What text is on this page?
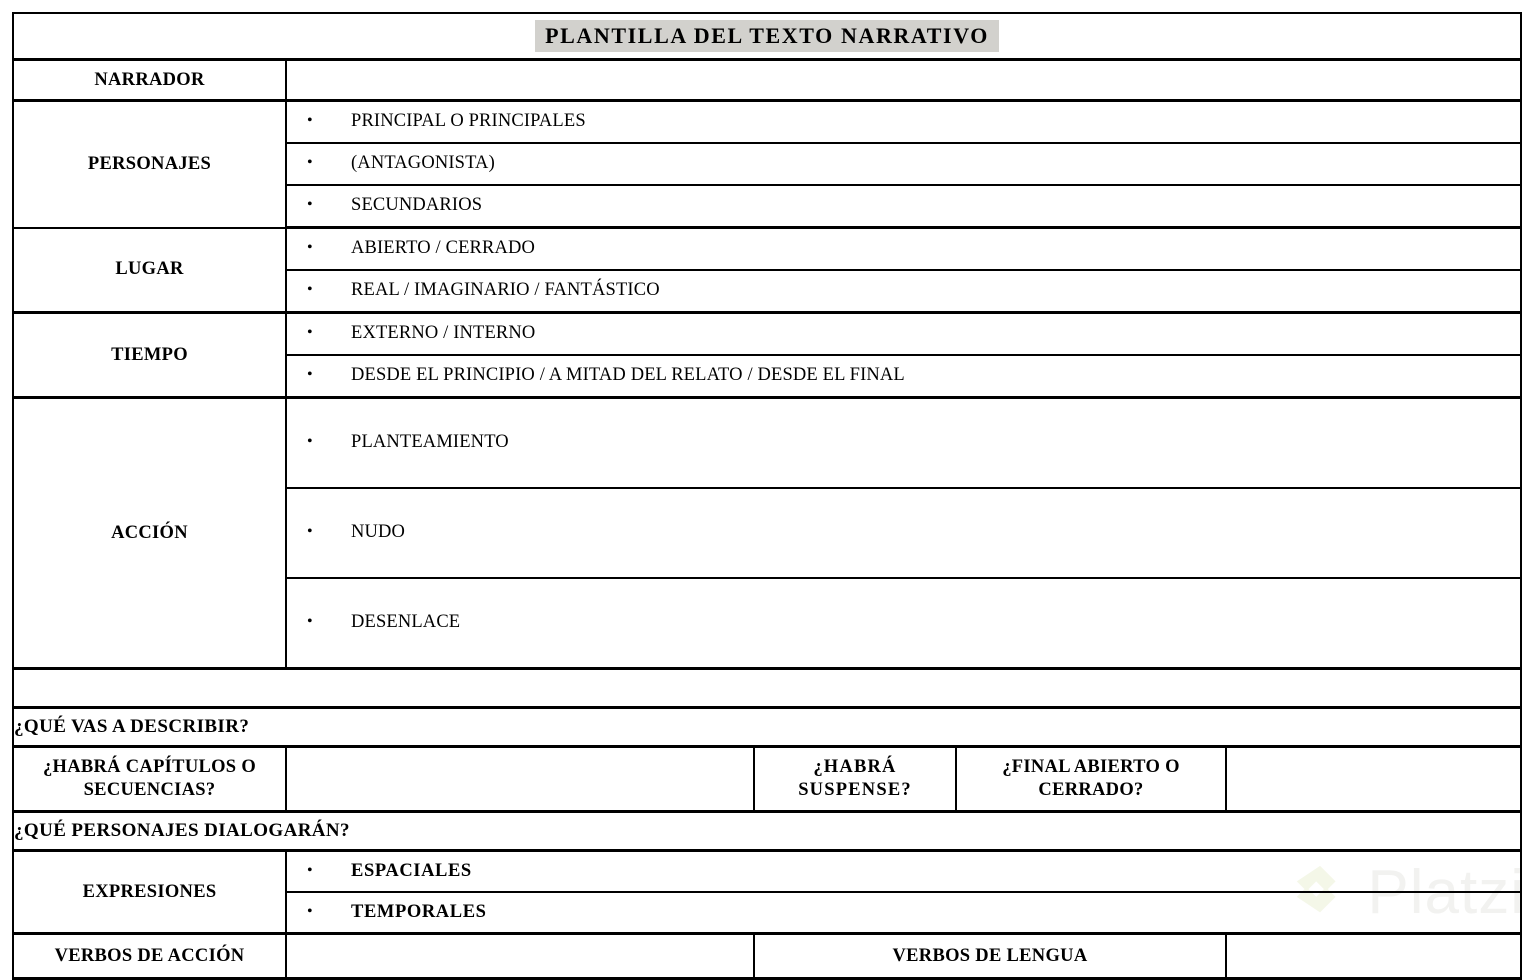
Platzi
PLANTILLA DEL TEXTO NARRATIVO				
NARRADOR				
PERSONAJES	• PRINCIPAL O PRINCIPALES			

	• (ANTAGONISTA)			

	• SECUNDARIOS			

LUGAR	• ABIERTO / CERRADO			

	• REAL / IMAGINARIO / FANTÁSTICO			

TIEMPO	• EXTERNO / INTERNO			

	• DESDE EL PRINCIPIO / A MITAD DEL RELATO / DESDE EL FINAL			

ACCIÓN	• PLANTEAMIENTO			

	• NUDO			

	• DESENLACE			

¿QUÉ VAS A DESCRIBIR?				
¿HABRÁ CAPÍTULOS O SECUENCIAS?		¿HABRÁ SUSPENSE?	¿FINAL ABIERTO O CERRADO?	
¿QUÉ PERSONAJES DIALOGARÁN?				
EXPRESIONES	• ESPACIALES			

	• TEMPORALES			

VERBOS DE ACCIÓN		VERBOS DE LENGUA		
